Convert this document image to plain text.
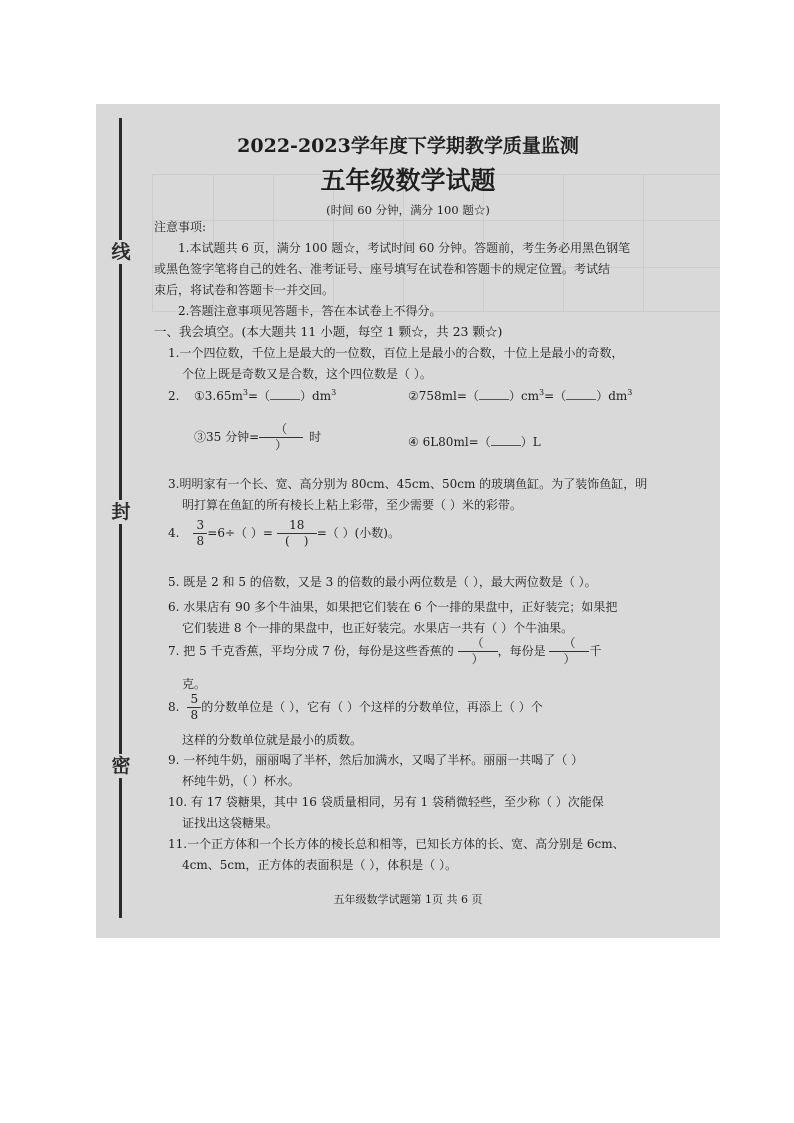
线
封
密
2022-2023学年度下学期教学质量监测
五年级数学试题
(时间 60 分钟，满分 100 题☆)
注意事项:
1.本试题共 6 页，满分 100 题☆，考试时间 60 分钟。答题前，考生务必用黑色钢笔
或黑色签字笔将自己的姓名、准考证号、座号填写在试卷和答题卡的规定位置。考试结
束后，将试卷和答题卡一并交回。
2.答题注意事项见答题卡，答在本试卷上不得分。
一、我会填空。(本大题共 11 小题，每空 1 颗☆，共 23 颗☆)
1.一个四位数，千位上是最大的一位数，百位上是最小的合数，十位上是最小的奇数，
个位上既是奇数又是合数，这个四位数是（ ）。
2. $①3.65m^3=$（	）$dm^3$	②758ml=（	）$cm^3=$（	）$dm^3$
③35 分钟= $\frac{(}{)}$ 时	④ 6L80ml=（	）L
3.明明家有一个长、宽、高分别为 80cm、45cm、50cm 的玻璃鱼缸。为了装饰鱼缸，明
明打算在鱼缸的所有棱长上粘上彩带，至少需要（ ）米的彩带。
4. $\frac{3}{8} =6\div$（ ）= $\frac{18}{( )}$ =（ ）(小数)。
5. 既是 2 和 5 的倍数，又是 3 的倍数的最小两位数是（ ），最大两位数是（ ）。
6. 水果店有 90 多个牛油果，如果把它们装在 6 个一排的果盘中，正好装完；如果把
它们装进 8 个一排的果盘中，也正好装完。水果店一共有（ ）个牛油果。
7. 把 5 千克香蕉，平均分成 7 份，每份是这些香蕉的 $\frac{(}{)}$ ，每份是 $\frac{(}{)}$ 千
克。
8. $\frac{5}{8}$ 的分数单位是（ ），它有（ ）个这样的分数单位，再添上（ ）个
这样的分数单位就是最小的质数。
9. 一杯纯牛奶，丽丽喝了半杯，然后加满水，又喝了半杯。丽丽一共喝了（ ）
杯纯牛奶，（ ）杯水。
10. 有 17 袋糖果，其中 16 袋质量相同，另有 1 袋稍微轻些，至少称（ ）次能保
证找出这袋糖果。
11.一个正方体和一个长方体的棱长总和相等，已知长方体的长、宽、高分别是 6cm、
4cm、5cm，正方体的表面积是（ ），体积是（ ）。
五年级数学试题第 1页 共 6 页
